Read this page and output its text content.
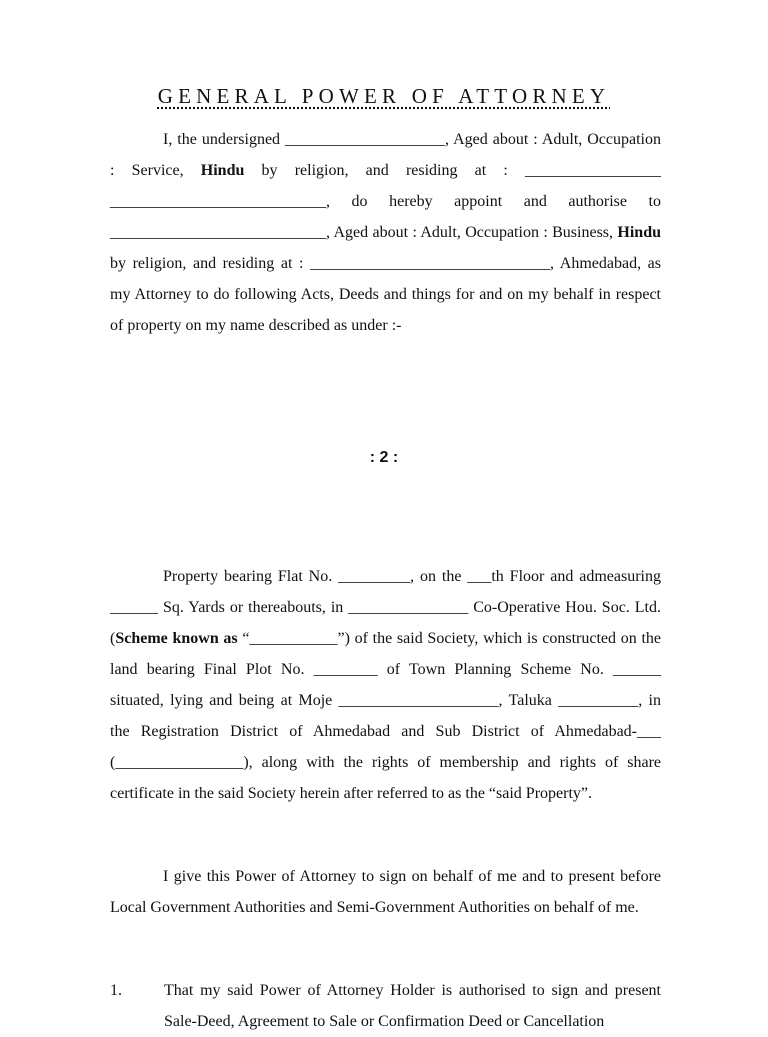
GENERAL POWER OF ATTORNEY

I, the undersigned ____________________, Aged about : Adult, Occupation : Service, Hindu by religion, and residing at : _________________ ___________________________, do hereby appoint and authorise to ___________________________, Aged about : Adult, Occupation : Business, Hindu by religion, and residing at : ______________________________, Ahmedabad, as my Attorney to do following Acts, Deeds and things for and on my behalf in respect of property on my name described as under :-

: 2 :

Property bearing Flat No. _________, on the ___th Floor and admeasuring ______ Sq. Yards or thereabouts, in _______________ Co-Operative Hou. Soc. Ltd. (Scheme known as “___________”) of the said Society, which is constructed on the land bearing Final Plot No. ________ of Town Planning Scheme No. ______ situated, lying and being at Moje ____________________, Taluka __________, in the Registration District of Ahmedabad and Sub District of Ahmedabad-___ (________________), along with the rights of membership and rights of share certificate in the said Society herein after referred to as the “said Property”.

I give this Power of Attorney to sign on behalf of me and to present before Local Government Authorities and Semi-Government Authorities on behalf of me.

1.	That my said Power of Attorney Holder is authorised to sign and present Sale-Deed, Agreement to Sale or Confirmation Deed or Cancellation
